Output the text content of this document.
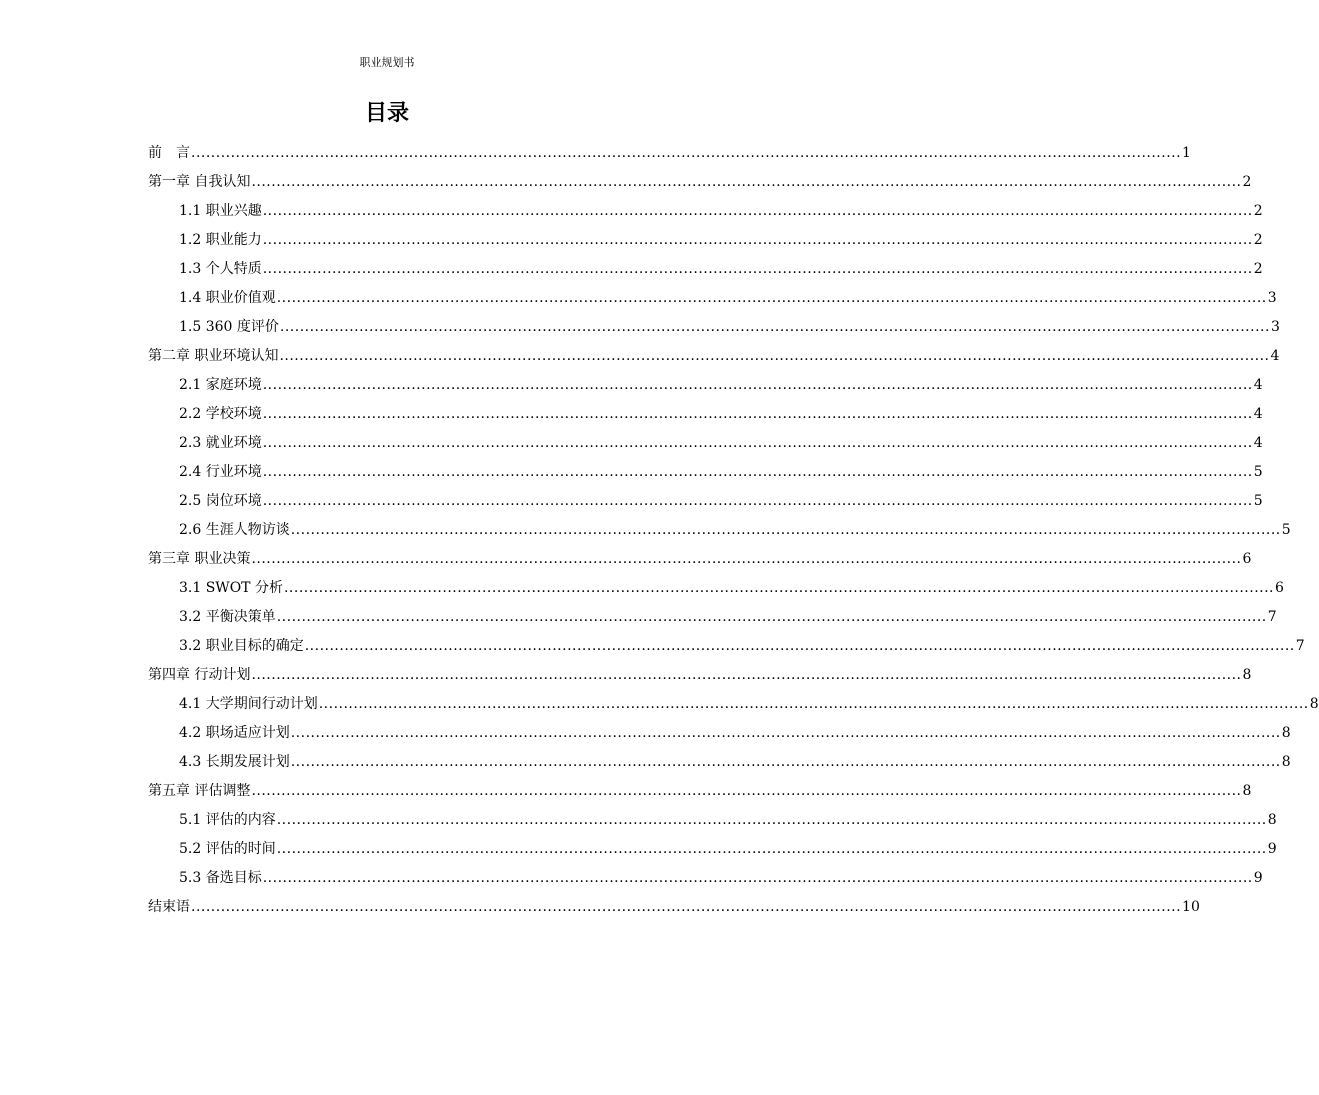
职业规划书
目录
前　言 ........................................................................................................................................................................................................ 1
第一章 自我认知 ........................................................................................................................................................................................................ 2
1.1 职业兴趣 ........................................................................................................................................................................................................ 2
1.2 职业能力 ........................................................................................................................................................................................................ 2
1.3 个人特质 ........................................................................................................................................................................................................ 2
1.4 职业价值观 ........................................................................................................................................................................................................ 3
1.5 360 度评价 ........................................................................................................................................................................................................ 3
第二章 职业环境认知 ........................................................................................................................................................................................................ 4
2.1 家庭环境 ........................................................................................................................................................................................................ 4
2.2 学校环境 ........................................................................................................................................................................................................ 4
2.3 就业环境 ........................................................................................................................................................................................................ 4
2.4 行业环境 ........................................................................................................................................................................................................ 5
2.5 岗位环境 ........................................................................................................................................................................................................ 5
2.6 生涯人物访谈 ........................................................................................................................................................................................................ 5
第三章 职业决策 ........................................................................................................................................................................................................ 6
3.1 SWOT 分析 ........................................................................................................................................................................................................ 6
3.2 平衡决策单 ........................................................................................................................................................................................................ 7
3.2 职业目标的确定 ........................................................................................................................................................................................................ 7
第四章 行动计划 ........................................................................................................................................................................................................ 8
4.1 大学期间行动计划 ........................................................................................................................................................................................................ 8
4.2 职场适应计划 ........................................................................................................................................................................................................ 8
4.3 长期发展计划 ........................................................................................................................................................................................................ 8
第五章 评估调整 ........................................................................................................................................................................................................ 8
5.1 评估的内容 ........................................................................................................................................................................................................ 8
5.2 评估的时间 ........................................................................................................................................................................................................ 9
5.3 备选目标 ........................................................................................................................................................................................................ 9
结束语 ........................................................................................................................................................................................................ 10
